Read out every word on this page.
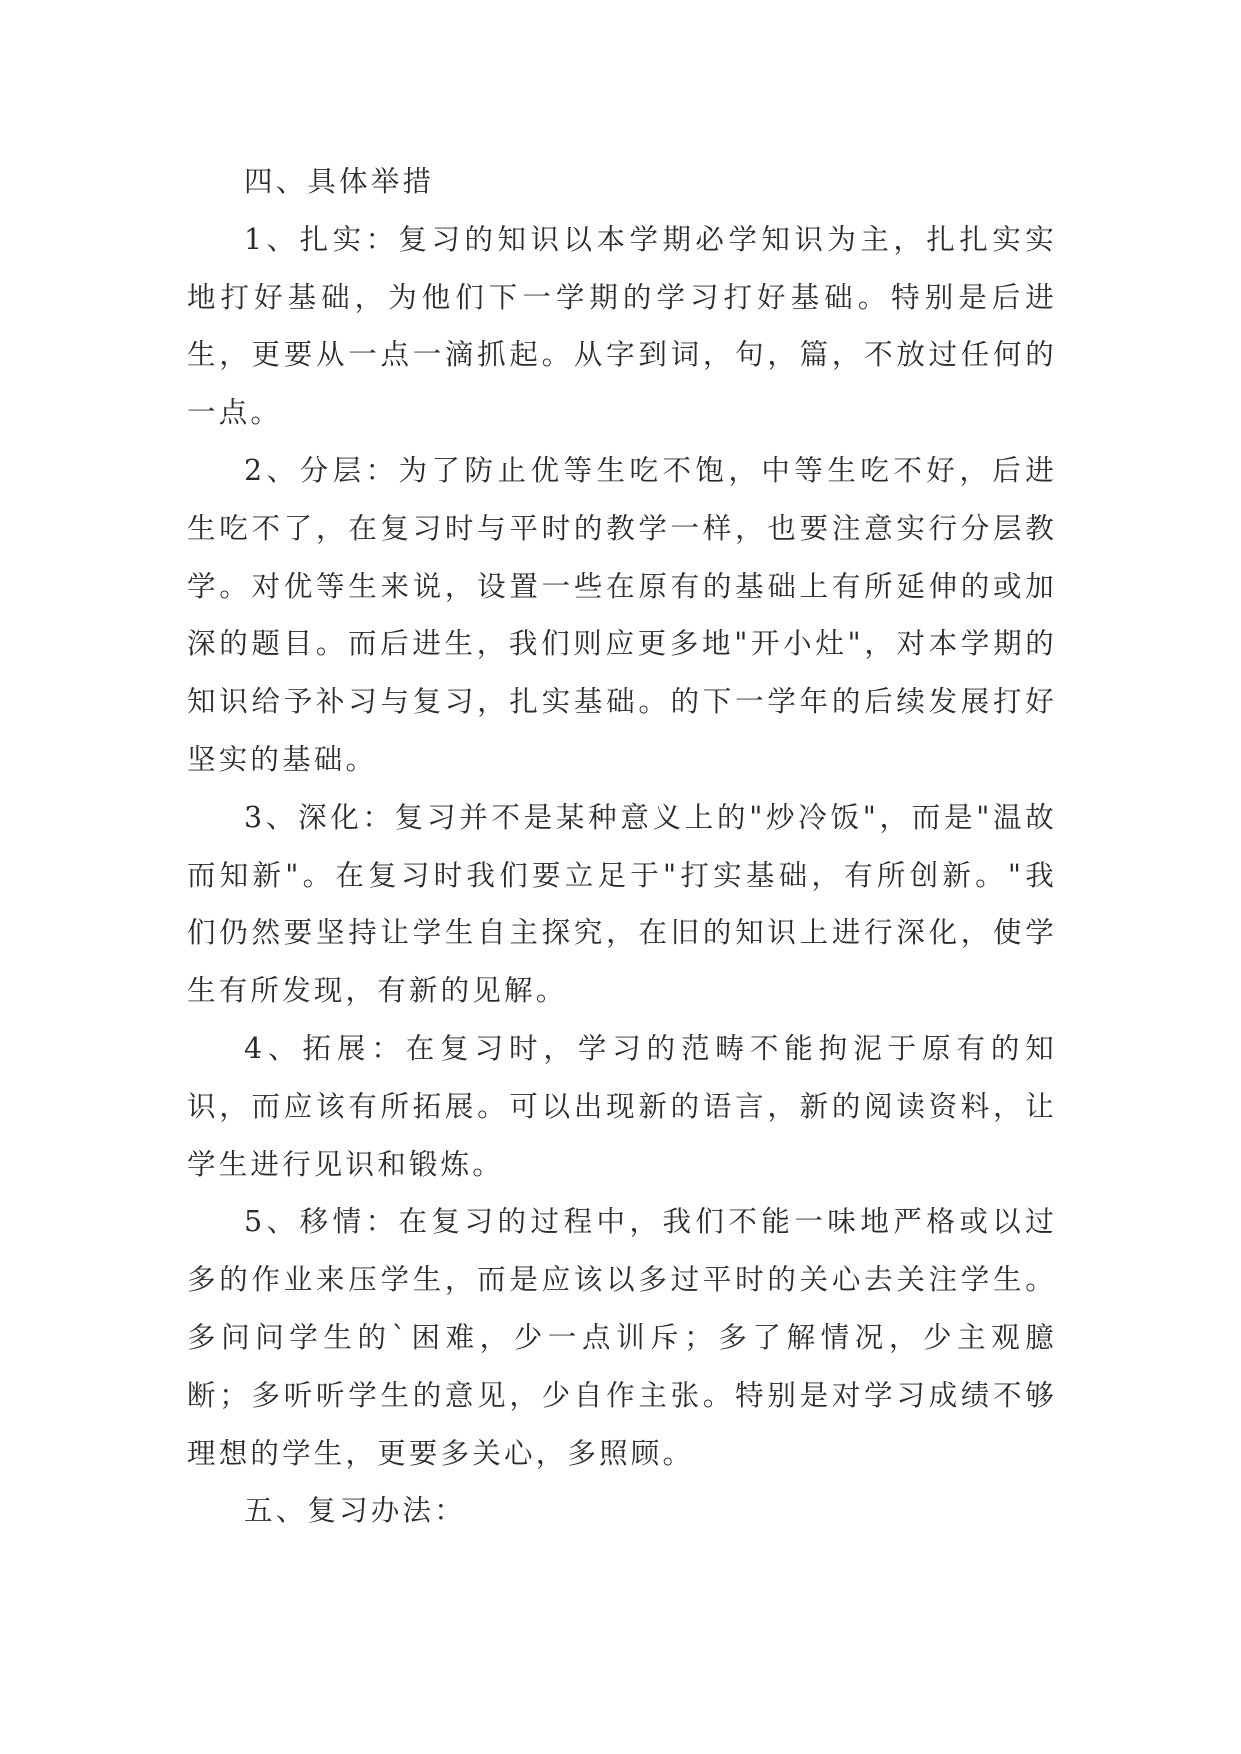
四、具体举措

1、扎实：复习的知识以本学期必学知识为主，扎扎实实地打好基础，为他们下一学期的学习打好基础。特别是后进生，更要从一点一滴抓起。从字到词，句，篇，不放过任何的一点。

2、分层：为了防止优等生吃不饱，中等生吃不好，后进生吃不了，在复习时与平时的教学一样，也要注意实行分层教学。对优等生来说，设置一些在原有的基础上有所延伸的或加深的题目。而后进生，我们则应更多地"开小灶"，对本学期的知识给予补习与复习，扎实基础。的下一学年的后续发展打好坚实的基础。

3、深化：复习并不是某种意义上的"炒冷饭"，而是"温故而知新"。在复习时我们要立足于"打实基础，有所创新。"我们仍然要坚持让学生自主探究，在旧的知识上进行深化，使学生有所发现，有新的见解。

4、拓展：在复习时，学习的范畴不能拘泥于原有的知识，而应该有所拓展。可以出现新的语言，新的阅读资料，让学生进行见识和锻炼。

5、移情：在复习的过程中，我们不能一味地严格或以过多的作业来压学生，而是应该以多过平时的关心去关注学生。多问问学生的`困难，少一点训斥；多了解情况，少主观臆断；多听听学生的意见，少自作主张。特别是对学习成绩不够理想的学生，更要多关心，多照顾。

五、复习办法：
